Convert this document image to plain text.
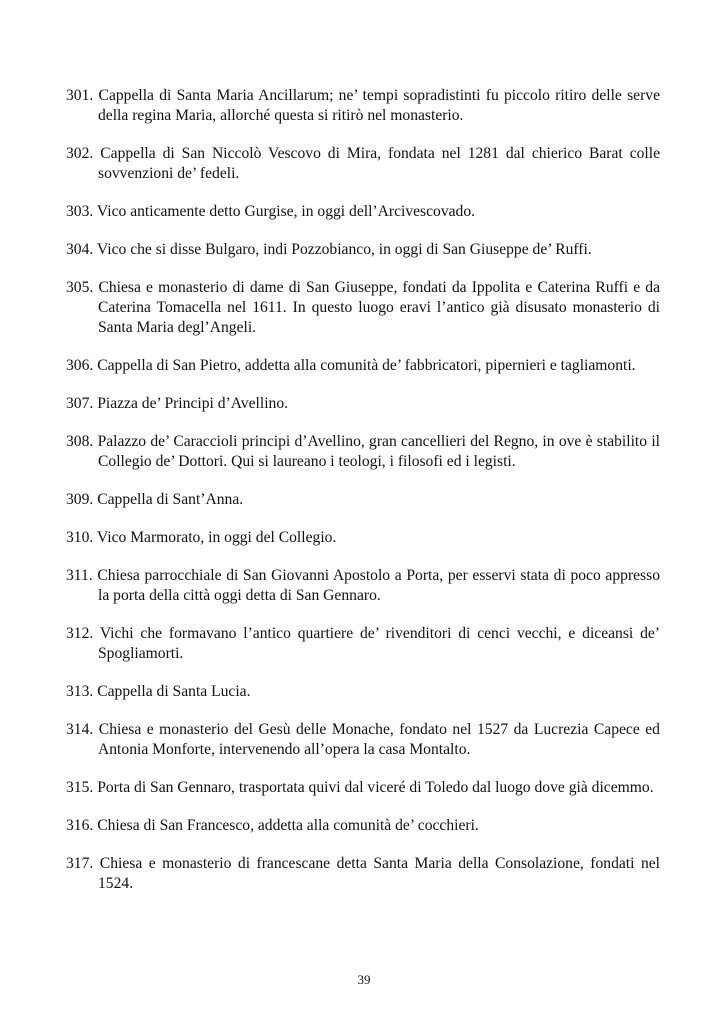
301. Cappella di Santa Maria Ancillarum; ne’ tempi sopradistinti fu piccolo ritiro delle serve della regina Maria, allorché questa si ritirò nel monasterio.
302. Cappella di San Niccolò Vescovo di Mira, fondata nel 1281 dal chierico Barat colle sovvenzioni de’ fedeli.
303. Vico anticamente detto Gurgise, in oggi dell’Arcivescovado.
304. Vico che si disse Bulgaro, indi Pozzobianco, in oggi di San Giuseppe de’ Ruffi.
305. Chiesa e monasterio di dame di San Giuseppe, fondati da Ippolita e Caterina Ruffi e da Caterina Tomacella nel 1611. In questo luogo eravi l’antico già disusato monasterio di Santa Maria degl’Angeli.
306. Cappella di San Pietro, addetta alla comunità de’ fabbricatori, pipernieri e tagliamonti.
307. Piazza de’ Principi d’Avellino.
308. Palazzo de’ Caraccioli principi d’Avellino, gran cancellieri del Regno, in ove è stabilito il Collegio de’ Dottori. Qui si laureano i teologi, i filosofi ed i legisti.
309. Cappella di Sant’Anna.
310. Vico Marmorato, in oggi del Collegio.
311. Chiesa parrocchiale di San Giovanni Apostolo a Porta, per esservi stata di poco appresso la porta della città oggi detta di San Gennaro.
312. Vichi che formavano l’antico quartiere de’ rivenditori di cenci vecchi, e diceansi de’ Spogliamorti.
313. Cappella di Santa Lucia.
314. Chiesa e monasterio del Gesù delle Monache, fondato nel 1527 da Lucrezia Capece ed Antonia Monforte, intervenendo all’opera la casa Montalto.
315. Porta di San Gennaro, trasportata quivi dal viceré di Toledo dal luogo dove già dicemmo.
316. Chiesa di San Francesco, addetta alla comunità de’ cocchieri.
317. Chiesa e monasterio di francescane detta Santa Maria della Consolazione, fondati nel 1524.
39
